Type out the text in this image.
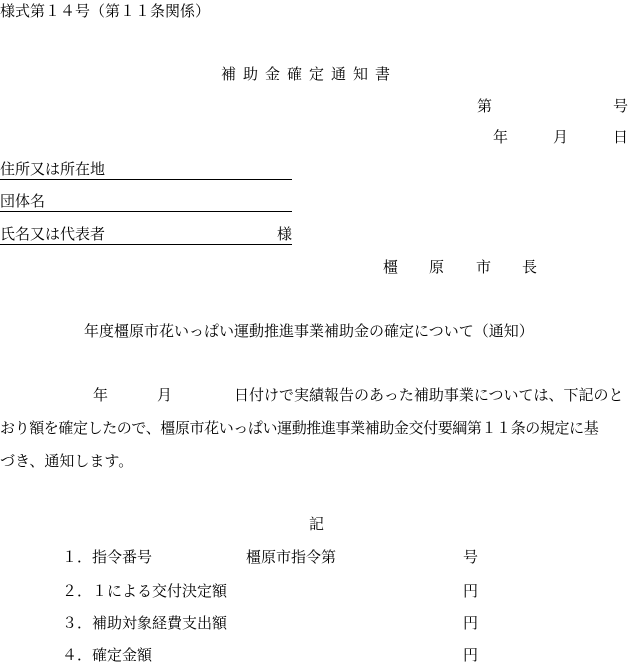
様式第１４号（第１１条関係）
補助金確定通知書
第	号
年	月	日
住所又は所在地
団体名
氏名又は代表者	様
橿 原 市 長
年度橿原市花いっぱい運動推進事業補助金の確定について（通知）
年	月	日付けで実績報告のあった補助事業については、下記のと
おり額を確定したので、橿原市花いっぱい運動推進事業補助金交付要綱第１１条の規定に基
づき、通知します。
記
１． 指令番号	橿原市指令第	号
２． １による交付決定額	円
３． 補助対象経費支出額	円
４． 確定金額	円
